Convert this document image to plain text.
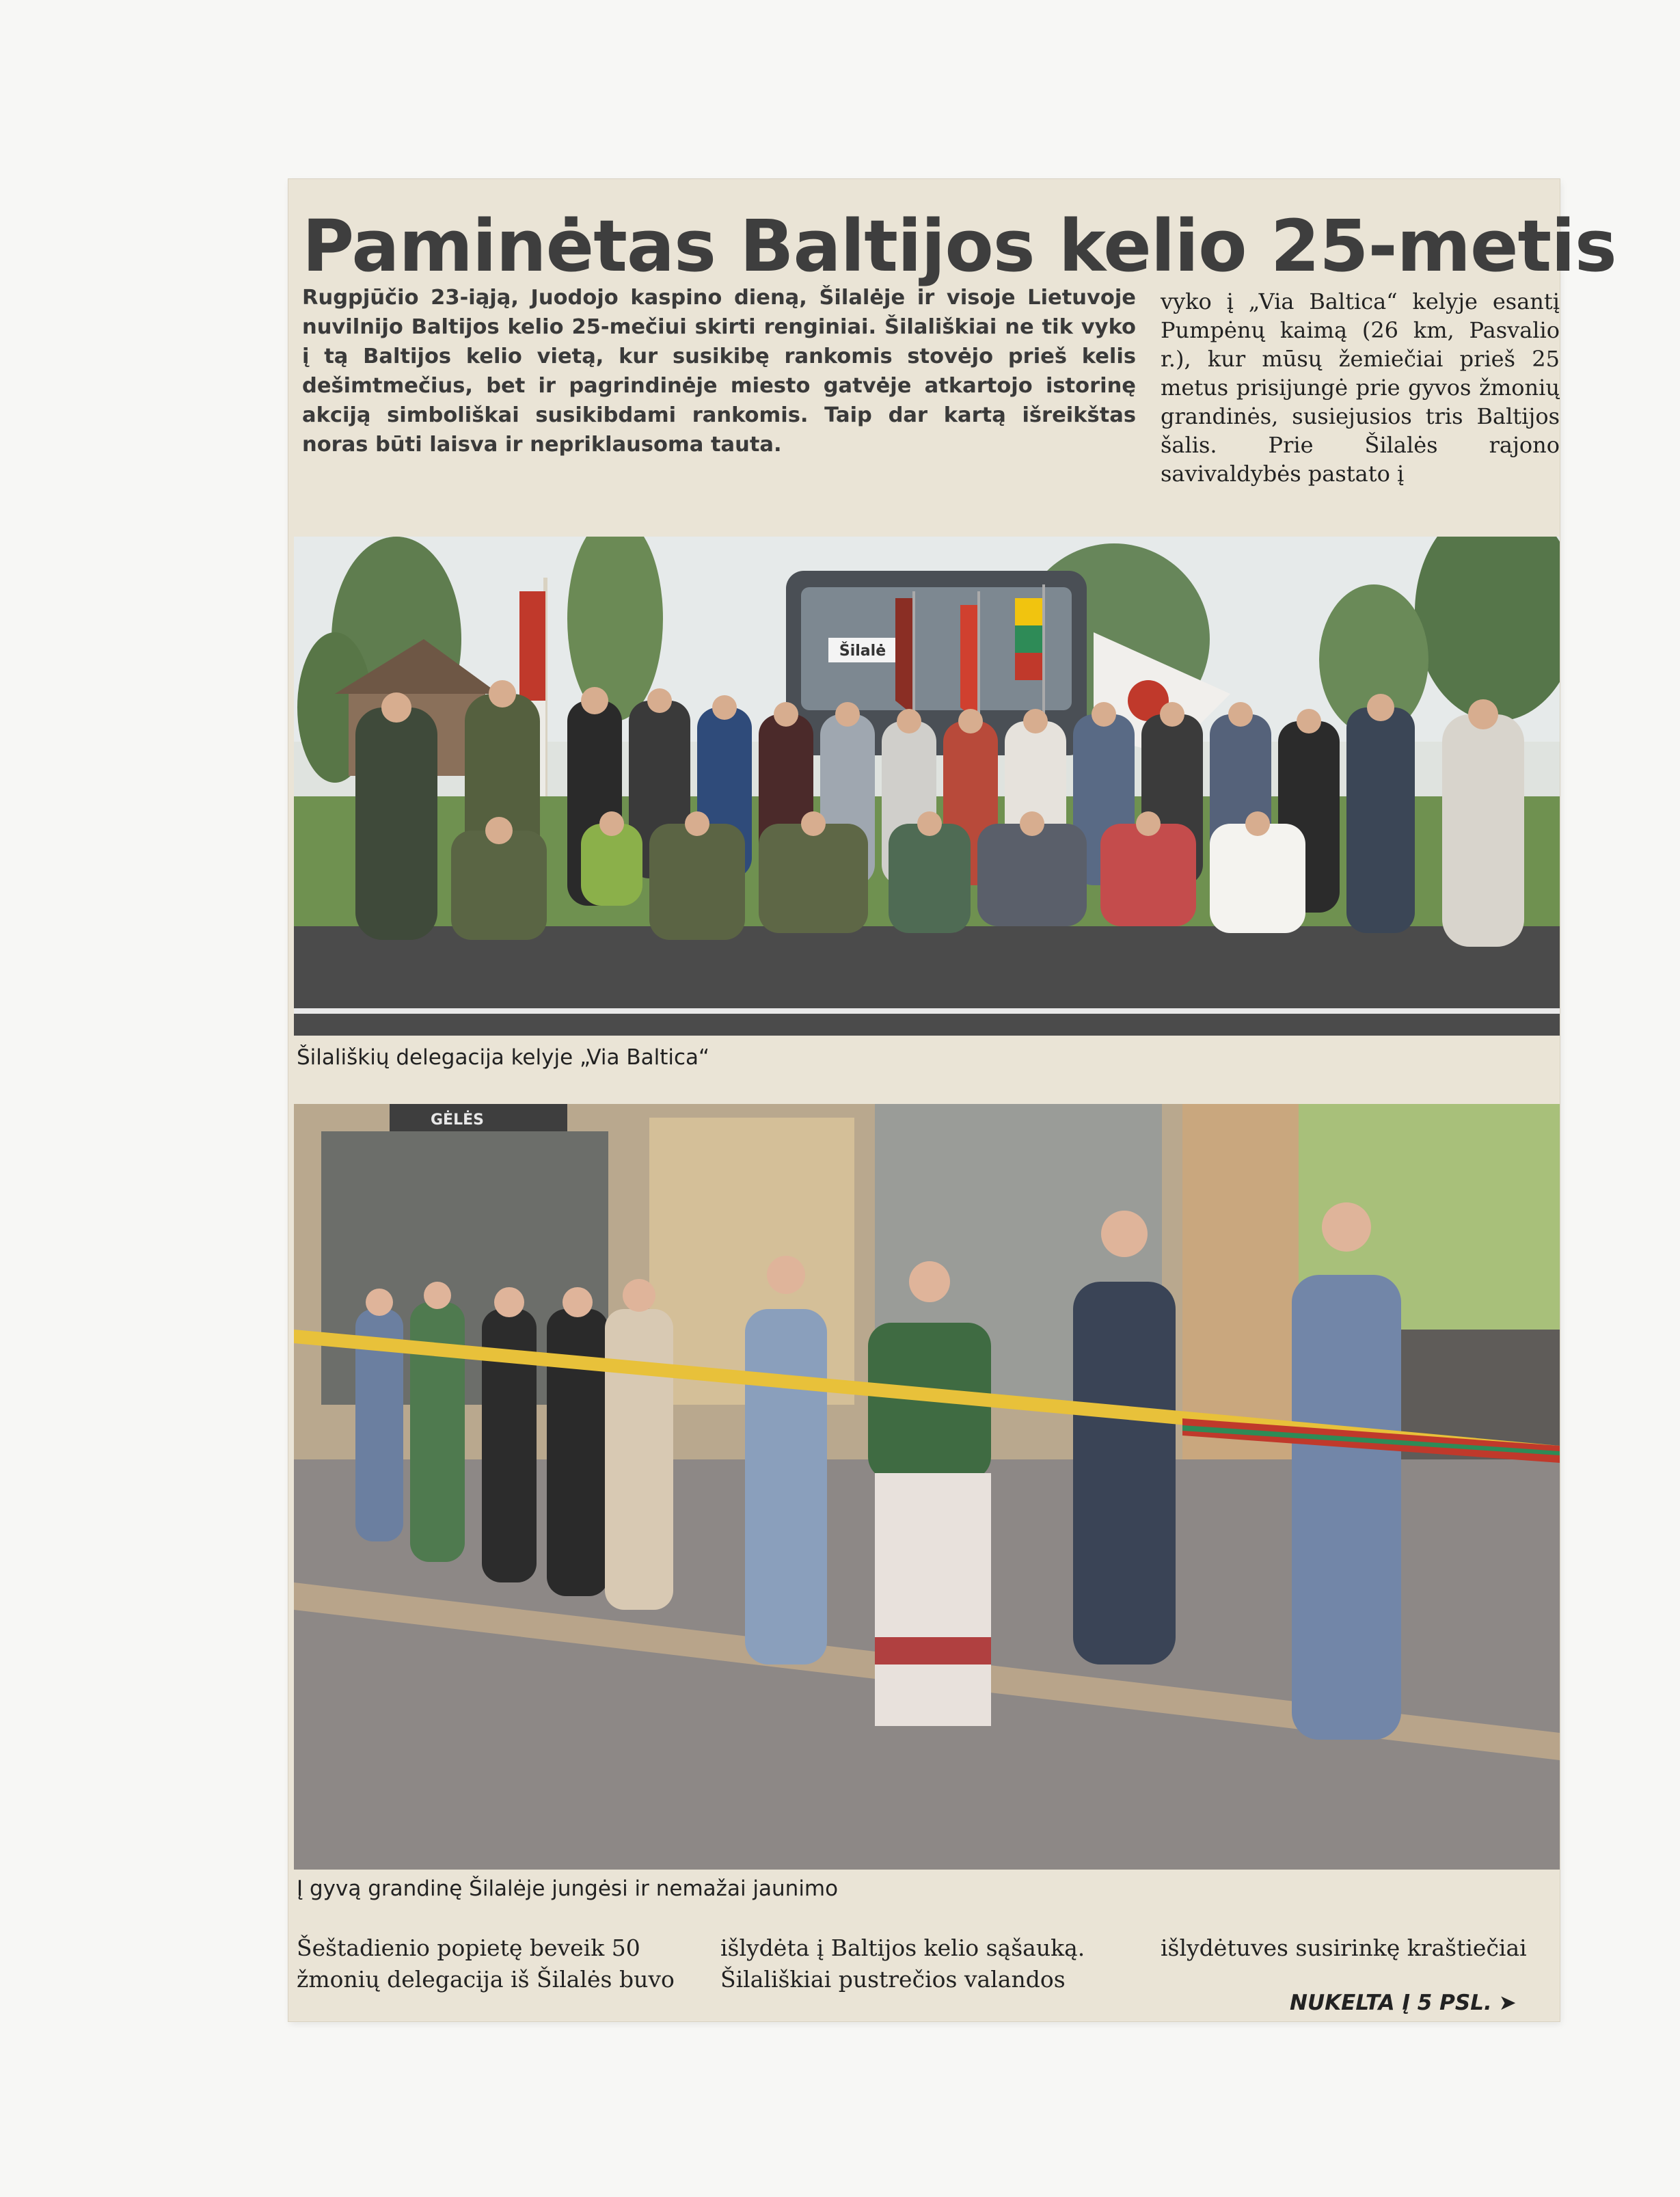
Paminėtas Baltijos kelio 25-metis

Rugpjūčio 23-iąją, Juodojo kaspino dieną, Šilalėje ir visoje Lietuvoje nuvilnijo Baltijos kelio 25-mečiui skirti renginiai. Šilališkiai ne tik vyko į tą Baltijos kelio vietą, kur susikibę rankomis stovėjo prieš kelis dešimtmečius, bet ir pagrindinėje miesto gatvėje atkartojo istorinę akciją simboliškai susikibdami rankomis. Taip dar kartą išreikštas noras būti laisva ir nepriklausoma tauta.

vyko į „Via Baltica“ kelyje esantį Pumpėnų kaimą (26 km, Pasvalio r.), kur mūsų žemiečiai prieš 25 metus prisijungė prie gyvos žmonių grandinės, susiejusios tris Baltijos šalis. Prie Šilalės rajono savivaldybės pastato į

Šilalė
Šilališkių delegacija kelyje „Via Baltica“
GĖLĖS
Į gyvą grandinę Šilalėje jungėsi ir nemažai jaunimo

Šeštadienio popietę beveik 50 žmonių delegacija iš Šilalės buvo

išlydėta į Baltijos kelio sąšauką. Šilališkiai pustrečios valandos

išlydėtuves susirinkę kraštiečiai

NUKELTA Į 5 PSL. ➤
